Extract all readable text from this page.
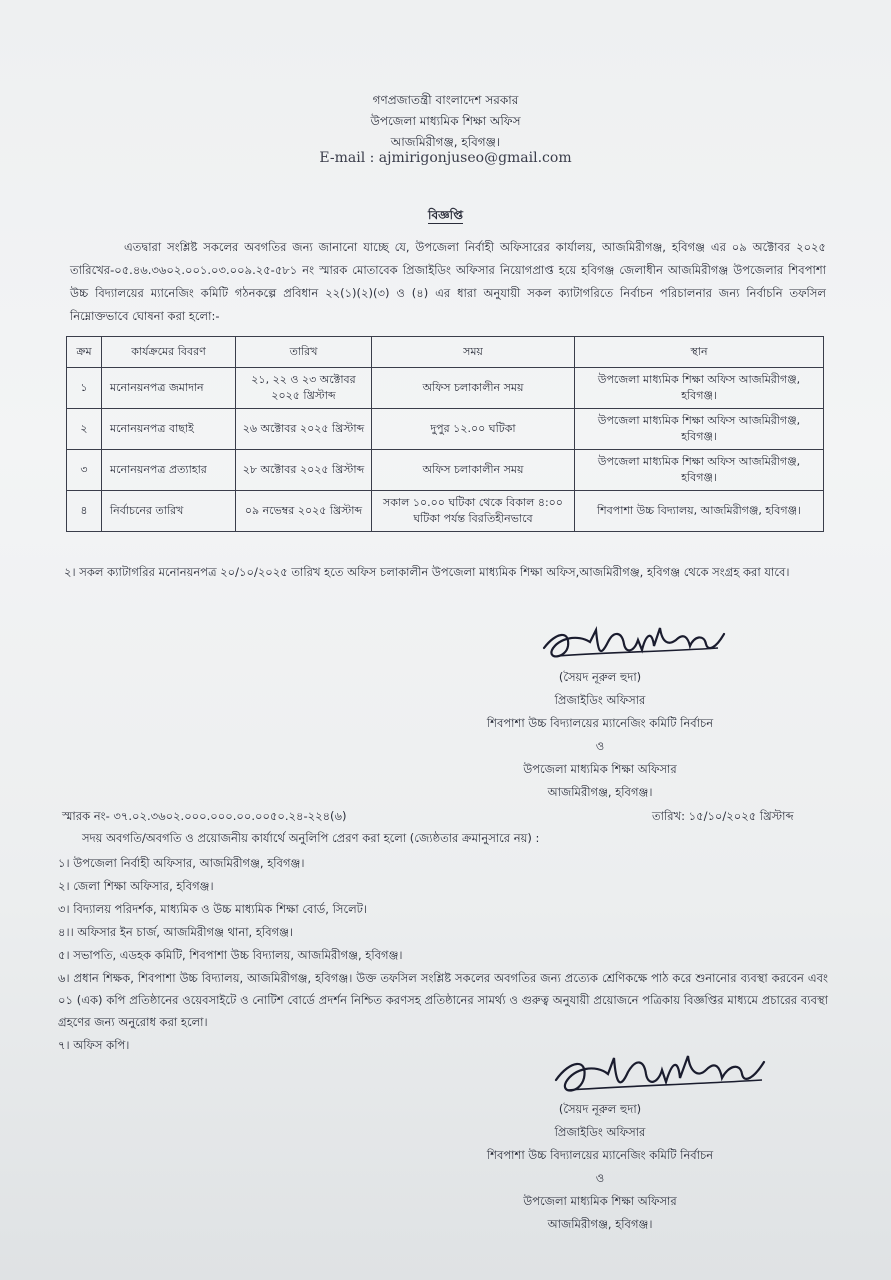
গণপ্রজাতন্ত্রী বাংলাদেশ সরকার
উপজেলা মাধ্যমিক শিক্ষা অফিস
আজমিরীগঞ্জ, হবিগঞ্জ।
E-mail : ajmirigonjuseo@gmail.com
বিজ্ঞপ্তি
এতদ্বারা সংশ্লিষ্ট সকলের অবগতির জন্য জানানো যাচ্ছে যে, উপজেলা নির্বাহী অফিসারের কার্যালয়, আজমিরীগঞ্জ, হবিগঞ্জ এর ০৯ অক্টোবর ২০২৫ তারিখের-০৫.৪৬.৩৬০২.০০১.০৩.০০৯.২৫-৫৮১ নং স্মারক মোতাবেক প্রিজাইডিং অফিসার নিয়োগপ্রাপ্ত হয়ে হবিগঞ্জ জেলাধীন আজমিরীগঞ্জ উপজেলার শিবপাশা উচ্চ বিদ্যালয়ের ম্যানেজিং কমিটি গঠনকল্পে প্রবিধান ২২(১)(২)(৩) ও (৪) এর ধারা অনুযায়ী সকল ক্যাটাগরিতে নির্বাচন পরিচালনার জন্য নির্বাচনি তফসিল নিম্নোক্তভাবে ঘোষনা করা হলো:-
ক্রম	কার্যক্রমের বিবরণ	তারিখ	সময়	স্থান
১	মনোনয়নপত্র জমাদান	২১, ২২ ও ২৩ অক্টোবর ২০২৫ খ্রিস্টাব্দ	অফিস চলাকালীন সময়	উপজেলা মাধ্যমিক শিক্ষা অফিস আজমিরীগঞ্জ, হবিগঞ্জ।
২	মনোনয়নপত্র বাছাই	২৬ অক্টোবর ২০২৫ খ্রিস্টাব্দ	দুপুর ১২.০০ ঘটিকা	উপজেলা মাধ্যমিক শিক্ষা অফিস আজমিরীগঞ্জ, হবিগঞ্জ।
৩	মনোনয়নপত্র প্রত্যাহার	২৮ অক্টোবর ২০২৫ খ্রিস্টাব্দ	অফিস চলাকালীন সময়	উপজেলা মাধ্যমিক শিক্ষা অফিস আজমিরীগঞ্জ, হবিগঞ্জ।
৪	নির্বাচনের তারিখ	০৯ নভেম্বর ২০২৫ খ্রিস্টাব্দ	সকাল ১০.০০ ঘটিকা থেকে বিকাল ৪:০০ ঘটিকা পর্যন্ত বিরতিহীনভাবে	শিবপাশা উচ্চ বিদ্যালয়, আজমিরীগঞ্জ, হবিগঞ্জ।
২। সকল ক্যাটাগরির মনোনয়নপত্র ২০/১০/২০২৫ তারিখ হতে অফিস চলাকালীন উপজেলা মাধ্যমিক শিক্ষা অফিস,আজমিরীগঞ্জ, হবিগঞ্জ থেকে সংগ্রহ করা যাবে।
(সৈয়দ নূরুল হুদা)
প্রিজাইডিং অফিসার
শিবপাশা উচ্চ বিদ্যালয়ের ম্যানেজিং কমিটি নির্বাচন
ও
উপজেলা মাধ্যমিক শিক্ষা অফিসার
আজমিরীগঞ্জ, হবিগঞ্জ।
স্মারক নং- ৩৭.০২.৩৬০২.০০০.০০০.০০.০০৫০.২৪-২২৪(৬)	তারিখ: ১৫/১০/২০২৫ খ্রিস্টাব্দ
সদয় অবগতি/অবগতি ও প্রয়োজনীয় কার্যার্থে অনুলিপি প্রেরণ করা হলো (জ্যেষ্ঠতার ক্রমানুসারে নয়) :
১। উপজেলা নির্বাহী অফিসার, আজমিরীগঞ্জ, হবিগঞ্জ।
২। জেলা শিক্ষা অফিসার, হবিগঞ্জ।
৩। বিদ্যালয় পরিদর্শক, মাধ্যমিক ও উচ্চ মাধ্যমিক শিক্ষা বোর্ড, সিলেট।
৪।। অফিসার ইন চার্জ, আজমিরীগঞ্জ থানা, হবিগঞ্জ।
৫। সভাপতি, এডহক কমিটি, শিবপাশা উচ্চ বিদ্যালয়, আজমিরীগঞ্জ, হবিগঞ্জ।
৬। প্রধান শিক্ষক, শিবপাশা উচ্চ বিদ্যালয়, আজমিরীগঞ্জ, হবিগঞ্জ। উক্ত তফসিল সংশ্লিষ্ট সকলের অবগতির জন্য প্রত্যেক শ্রেণিকক্ষে পাঠ করে শুনানোর ব্যবস্থা করবেন এবং ০১ (এক) কপি প্রতিষ্ঠানের ওয়েবসাইটে ও নোটিশ বোর্ডে প্রদর্শন নিশ্চিত করণসহ প্রতিষ্ঠানের সামর্থ্য ও গুরুত্ব অনুযায়ী প্রয়োজনে পত্রিকায় বিজ্ঞপ্তির মাধ্যমে প্রচারের ব্যবস্থা গ্রহণের জন্য অনুরোধ করা হলো।
৭। অফিস কপি।
(সৈয়দ নূরুল হুদা)
প্রিজাইডিং অফিসার
শিবপাশা উচ্চ বিদ্যালয়ের ম্যানেজিং কমিটি নির্বাচন
ও
উপজেলা মাধ্যমিক শিক্ষা অফিসার
আজমিরীগঞ্জ, হবিগঞ্জ।
